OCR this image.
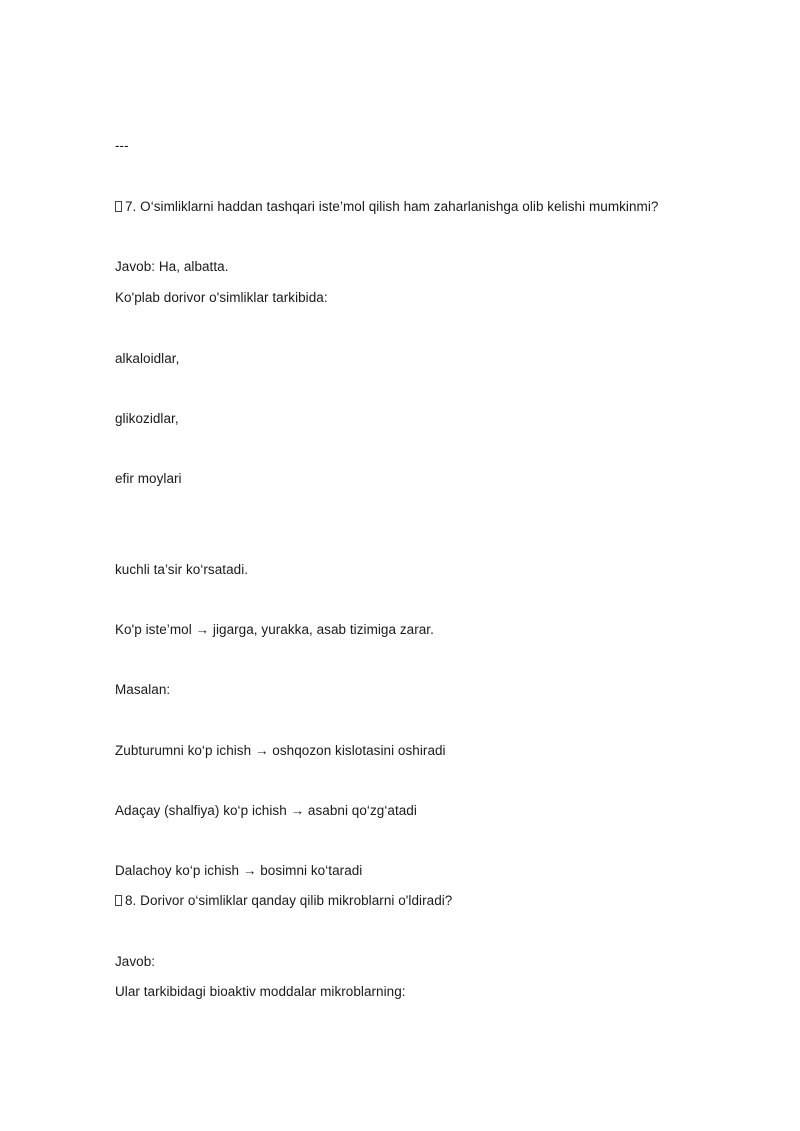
---
7. O‘simliklarni haddan tashqari iste’mol qilish ham zaharlanishga olib kelishi mumkinmi?
Javob: Ha, albatta.
Ko'plab dorivor o'simliklar tarkibida:
alkaloidlar,
glikozidlar,
efir moylari
kuchli ta’sir ko‘rsatadi.
Ko'p iste’mol → jigarga, yurakka, asab tizimiga zarar.
Masalan:
Zubturumni ko‘p ichish → oshqozon kislotasini oshiradi
Adaçay (shalfiya) ko‘p ichish → asabni qo‘zg‘atadi
Dalachoy ko‘p ichish → bosimni ko‘taradi
8. Dorivor o‘simliklar qanday qilib mikroblarni o'ldiradi?
Javob:
Ular tarkibidagi bioaktiv moddalar mikroblarning:
